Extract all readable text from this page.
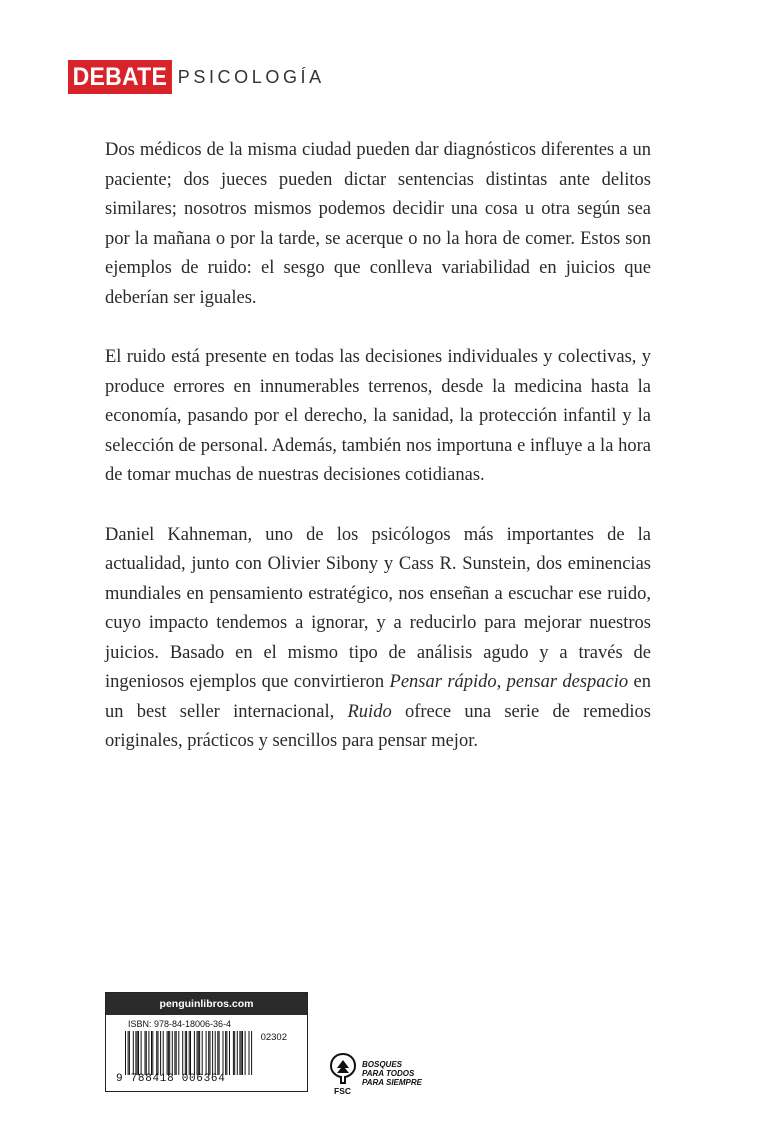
DEBATE PSICOLOGÍA

Dos médicos de la misma ciudad pueden dar diagnósticos diferentes a un paciente; dos jueces pueden dictar sentencias distintas ante delitos similares; nosotros mismos podemos decidir una cosa u otra según sea por la mañana o por la tarde, se acerque o no la hora de comer. Estos son ejemplos de ruido: el sesgo que conlleva variabilidad en juicios que deberían ser iguales.

El ruido está presente en todas las decisiones individuales y colectivas, y produce errores en innumerables terrenos, desde la medicina hasta la economía, pasando por el derecho, la sanidad, la protección infantil y la selección de personal. Además, también nos importuna e influye a la hora de tomar muchas de nuestras decisiones cotidianas.

Daniel Kahneman, uno de los psicólogos más importantes de la actualidad, junto con Olivier Sibony y Cass R. Sunstein, dos eminencias mundiales en pensamiento estratégico, nos enseñan a escuchar ese ruido, cuyo impacto tendemos a ignorar, y a reducirlo para mejorar nuestros juicios. Basado en el mismo tipo de análisis agudo y a través de ingeniosos ejemplos que convirtieron Pensar rápido, pensar despacio en un best seller internacional, Ruido ofrece una serie de remedios originales, prácticos y sencillos para pensar mejor.

penguinlibros.com
ISBN: 978-84-18006-36-4
02302
9 788418 006364
FSC
BOSQUES
PARA TODOS
PARA SIEMPRE
